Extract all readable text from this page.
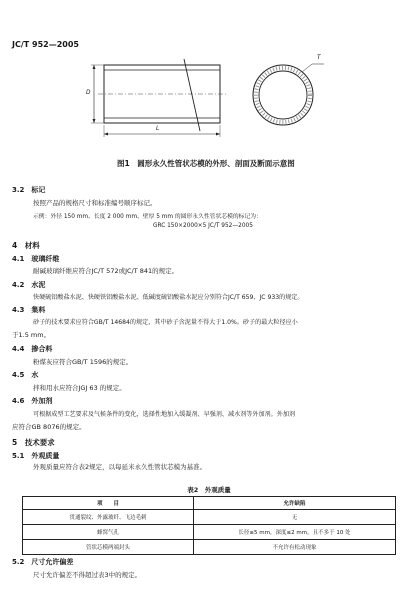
JC/T 952—2005
T
D
L
图1　圆形永久性管状芯模的外形、剖面及断面示意图
3.2　标记
按照产品的规格尺寸和标准编号顺序标记。
示例：外径 150 mm、长度 2 000 mm、壁厚 5 mm 的圆形永久性管状芯模的标记为：
GRC 150×2000×5 JC/T 952—2005
4　材料
4.1　玻璃纤维
耐碱玻璃纤维应符合JC/T 572或JC/T 841的规定。
4.2　水泥
快硬硫铝酸盐水泥、快硬铁铝酸盐水泥、低碱度硫铝酸盐水泥应分别符合JC/T 659、JC 933的规定。
4.3　集料
砂子的技术要求应符合GB/T 14684的规定，其中砂子含泥量不得大于1.0%。砂子的最大粒径应小
于1.5 mm。
4.4　掺合料
粉煤灰应符合GB/T 1596的规定。
4.5　水
拌和用水应符合JGJ 63 的规定。
4.6　外加剂
可根据成型工艺要求及气候条件的变化，选择性地加入缓凝剂、早强剂、减水剂等外加剂。外加剂
应符合GB 8076的规定。
5　技术要求
5.1　外观质量
外观质量应符合表2规定，以每延米永久性管状芯模为基准。
表2　外观质量
项　　目	允许缺陷
贯通裂纹、外露玻纤、飞边毛刺	无
蜂窝气孔	长径≤5 mm，深度≤2 mm，且不多于 10 处
管状芯模两端封头	不允许有松动现象
5.2　尺寸允许偏差
尺寸允许偏差不得超过表3中的规定。
